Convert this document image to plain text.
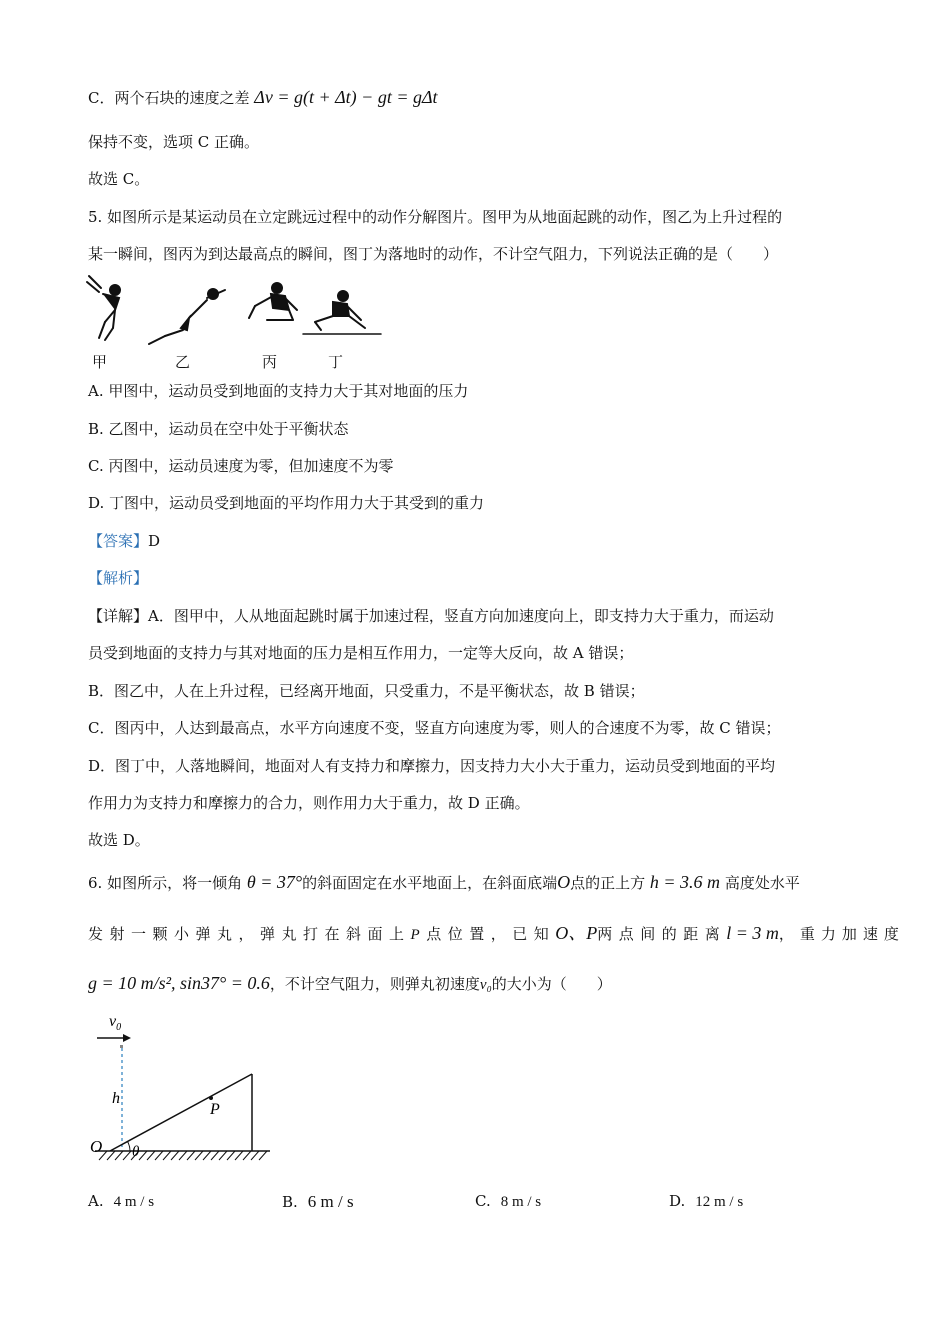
C．两个石块的速度之差 Δv = g(t + Δt) − gt = gΔt
保持不变，选项 C 正确。
故选 C。
5. 如图所示是某运动员在立定跳远过程中的动作分解图片。图甲为从地面起跳的动作，图乙为上升过程的
某一瞬间，图丙为到达最高点的瞬间，图丁为落地时的动作，不计空气阻力，下列说法正确的是（　　）
甲	乙	丙	丁
A. 甲图中，运动员受到地面的支持力大于其对地面的压力
B. 乙图中，运动员在空中处于平衡状态
C. 丙图中，运动员速度为零，但加速度不为零
D. 丁图中，运动员受到地面的平均作用力大于其受到的重力
【答案】D
【解析】
【详解】A．图甲中，人从地面起跳时属于加速过程，竖直方向加速度向上，即支持力大于重力，而运动
员受到地面的支持力与其对地面的压力是相互作用力，一定等大反向，故 A 错误；
B．图乙中，人在上升过程，已经离开地面，只受重力，不是平衡状态，故 B 错误；
C．图丙中，人达到最高点，水平方向速度不变，竖直方向速度为零，则人的合速度不为零，故 C 错误；
D．图丁中，人落地瞬间，地面对人有支持力和摩擦力，因支持力大小大于重力，运动员受到地面的平均
作用力为支持力和摩擦力的合力，则作用力大于重力，故 D 正确。
故选 D。
6. 如图所示，将一倾角 θ = 37°的斜面固定在水平地面上，在斜面底端O点的正上方 h = 3.6 m 高度处水平
发射一颗小弹丸，弹丸打在斜面上P点位置，已知O、P两点间的距离l = 3 m，重力加速度
g = 10 m/s², sin37° = 0.6，不计空气阻力，则弹丸初速度v₀的大小为（　　）
$v_0$
h
θ
O
P
A. 4 m / s	B. 6 m / s	C. 8 m / s	D. 12 m / s
